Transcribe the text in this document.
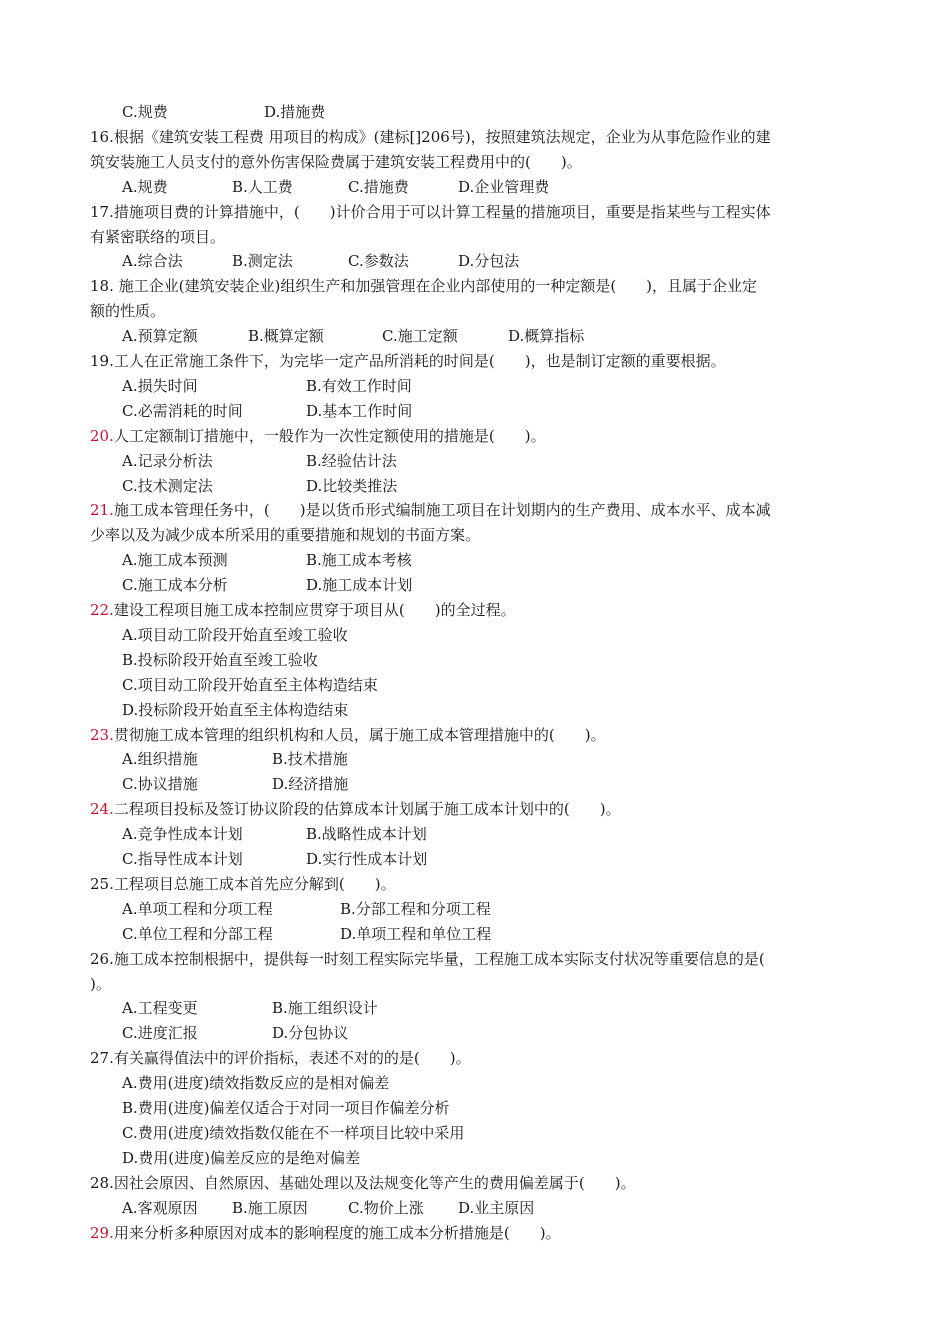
C.规费	D.措施费
16.根据《建筑安装工程费 用项目的构成》(建标[]206号)，按照建筑法规定，企业为从事危险作业的建
筑安装施工人员支付的意外伤害保险费属于建筑安装工程费用中的(　　)。
A.规费	B.人工费	C.措施费	D.企业管理费
17.措施项目费的计算措施中，(　　)计价合用于可以计算工程量的措施项目，重要是指某些与工程实体
有紧密联络的项目。
A.综合法	B.测定法	C.参数法	D.分包法
18. 施工企业(建筑安装企业)组织生产和加强管理在企业内部使用的一种定额是(　　)，且属于企业定
额的性质。
A.预算定额	B.概算定额	C.施工定额	D.概算指标
19.工人在正常施工条件下，为完毕一定产品所消耗的时间是(　　)，也是制订定额的重要根据。
A.损失时间	B.有效工作时间
C.必需消耗的时间	D.基本工作时间
20.人工定额制订措施中，一般作为一次性定额使用的措施是(　　)。
A.记录分析法	B.经验估计法
C.技术测定法	D.比较类推法
21.施工成本管理任务中，(　　)是以货币形式编制施工项目在计划期内的生产费用、成本水平、成本减
少率以及为减少成本所采用的重要措施和规划的书面方案。
A.施工成本预测	B.施工成本考核
C.施工成本分析	D.施工成本计划
22.建设工程项目施工成本控制应贯穿于项目从(　　)的全过程。
A.项目动工阶段开始直至竣工验收
B.投标阶段开始直至竣工验收
C.项目动工阶段开始直至主体构造结束
D.投标阶段开始直至主体构造结束
23.贯彻施工成本管理的组织机构和人员，属于施工成本管理措施中的(　　)。
A.组织措施	B.技术措施
C.协议措施	D.经济措施
24.二程项目投标及签订协议阶段的估算成本计划属于施工成本计划中的(　　)。
A.竞争性成本计划	B.战略性成本计划
C.指导性成本计划	D.实行性成本计划
25.工程项目总施工成本首先应分解到(　　)。
A.单项工程和分项工程	B.分部工程和分项工程
C.单位工程和分部工程	D.单项工程和单位工程
26.施工成本控制根据中，提供每一时刻工程实际完毕量，工程施工成本实际支付状况等重要信息的是(
)。
A.工程变更	B.施工组织设计
C.进度汇报	D.分包协议
27.有关赢得值法中的评价指标，表述不对的的是(　　)。
A.费用(进度)绩效指数反应的是相对偏差
B.费用(进度)偏差仅适合于对同一项目作偏差分析
C.费用(进度)绩效指数仅能在不一样项目比较中采用
D.费用(进度)偏差反应的是绝对偏差
28.因社会原因、自然原因、基础处理以及法规变化等产生的费用偏差属于(　　)。
A.客观原因 B.施工原因	C.物价上涨 D.业主原因
29.用来分析多种原因对成本的影响程度的施工成本分析措施是(　　)。
